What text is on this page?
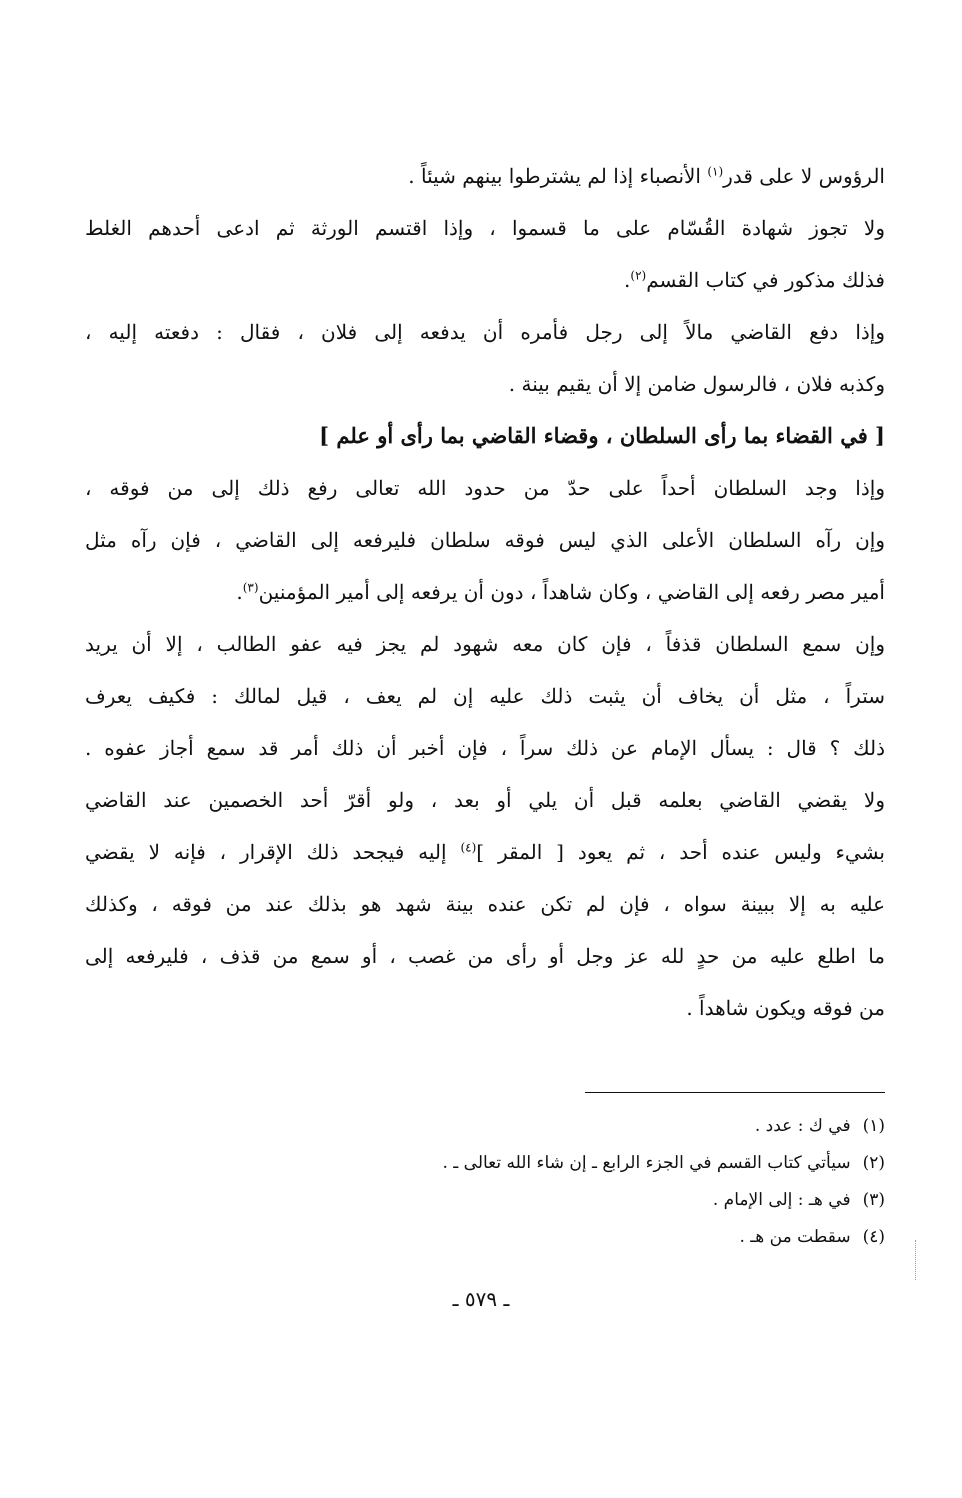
الرؤوس لا على قدر$^{(١)}$ الأنصباء إذا لم يشترطوا بينهم شيئاً .
ولا تجوز شهادة القُسّام على ما قسموا ، وإذا اقتسم الورثة ثم ادعى أحدهم الغلط
فذلك مذكور في كتاب القسم$^{(٢)}$.
وإذا دفع القاضي مالاً إلى رجل فأمره أن يدفعه إلى فلان ، فقال : دفعته إليه ،
وكذبه فلان ، فالرسول ضامن إلا أن يقيم بينة .
[ في القضاء بما رأى السلطان ، وقضاء القاضي بما رأى أو علم ]
وإذا وجد السلطان أحداً على حدّ من حدود الله تعالى رفع ذلك إلى من فوقه ،
وإن رآه السلطان الأعلى الذي ليس فوقه سلطان فليرفعه إلى القاضي ، فإن رآه مثل
أمير مصر رفعه إلى القاضي ، وكان شاهداً ، دون أن يرفعه إلى أمير المؤمنين$^{(٣)}$.
وإن سمع السلطان قذفاً ، فإن كان معه شهود لم يجز فيه عفو الطالب ، إلا أن يريد
ستراً ، مثل أن يخاف أن يثبت ذلك عليه إن لم يعف ، قيل لمالك : فكيف يعرف
ذلك ؟ قال : يسأل الإمام عن ذلك سراً ، فإن أخبر أن ذلك أمر قد سمع أجاز عفوه .
ولا يقضي القاضي بعلمه قبل أن يلي أو بعد ، ولو أقرّ أحد الخصمين عند القاضي
بشيء وليس عنده أحد ، ثم يعود [ المقر ]$^{(٤)}$ إليه فيجحد ذلك الإقرار ، فإنه لا يقضي
عليه به إلا ببينة سواه ، فإن لم تكن عنده بينة شهد هو بذلك عند من فوقه ، وكذلك
ما اطلع عليه من حدٍ لله عز وجل أو رأى من غصب ، أو سمع من قذف ، فليرفعه إلى
من فوقه ويكون شاهداً .
(١)في ك : عدد .
(٢)سيأتي كتاب القسم في الجزء الرابع ـ إن شاء الله تعالى ـ .
(٣)في هـ : إلى الإمام .
(٤)سقطت من هـ .
ـ ٥٧٩ ـ
